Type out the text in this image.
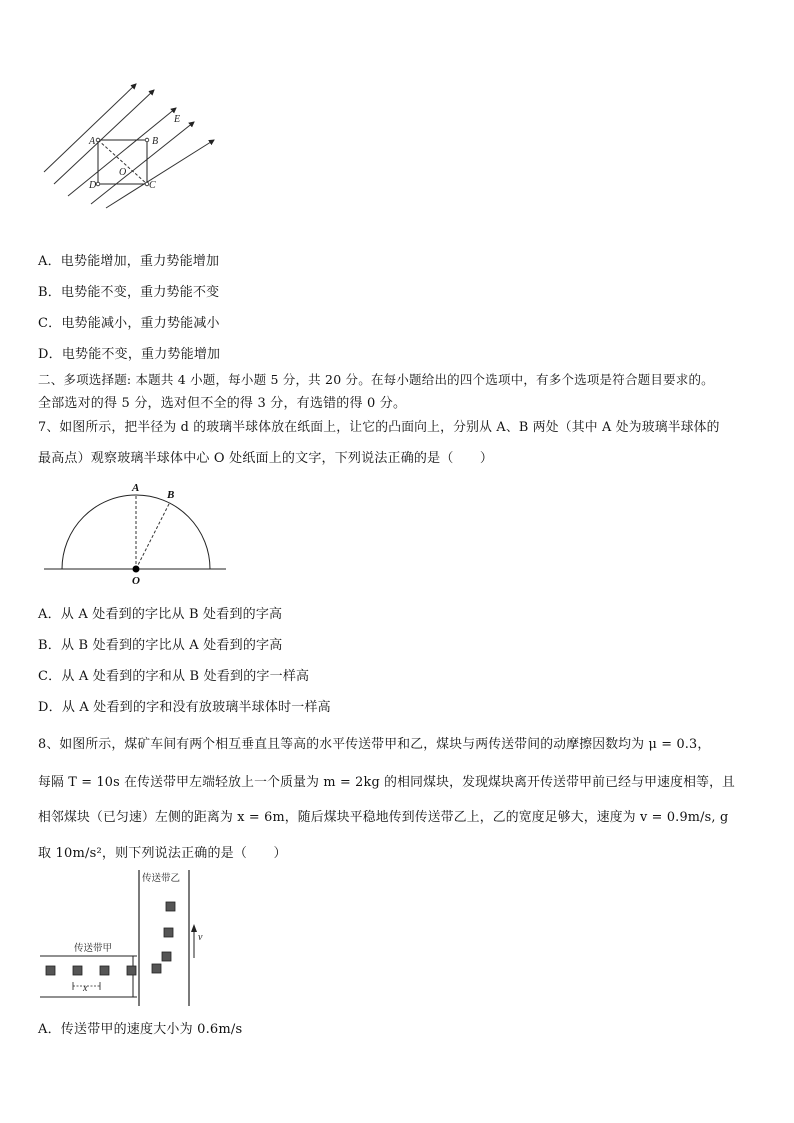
A	B
D	C
O
E
A．电势能增加，重力势能增加
B．电势能不变，重力势能不变
C．电势能减小，重力势能减小
D．电势能不变，重力势能增加
二、多项选择题: 本题共 4 小题，每小题 5 分，共 20 分。在每小题给出的四个选项中，有多个选项是符合题目要求的。
全部选对的得 5 分，选对但不全的得 3 分，有选错的得 0 分。
7、如图所示，把半径为 d 的玻璃半球体放在纸面上，让它的凸面向上，分别从 A、B 两处（其中 A 处为玻璃半球体的
最高点）观察玻璃半球体中心 O 处纸面上的文字，下列说法正确的是（　　）
A
B
O
A．从 A 处看到的字比从 B 处看到的字高
B．从 B 处看到的字比从 A 处看到的字高
C．从 A 处看到的字和从 B 处看到的字一样高
D．从 A 处看到的字和没有放玻璃半球体时一样高
8、如图所示，煤矿车间有两个相互垂直且等高的水平传送带甲和乙，煤块与两传送带间的动摩擦因数均为 μ = 0.3，
每隔 T = 10s 在传送带甲左端轻放上一个质量为 m = 2kg 的相同煤块，发现煤块离开传送带甲前已经与甲速度相等，且
相邻煤块（已匀速）左侧的距离为 x = 6m，随后煤块平稳地传到传送带乙上，乙的宽度足够大，速度为 v = 0.9m/s, g
取 10m/s²，则下列说法正确的是（　　）
传送带乙
传送带甲
x
v
A．传送带甲的速度大小为 0.6m/s
